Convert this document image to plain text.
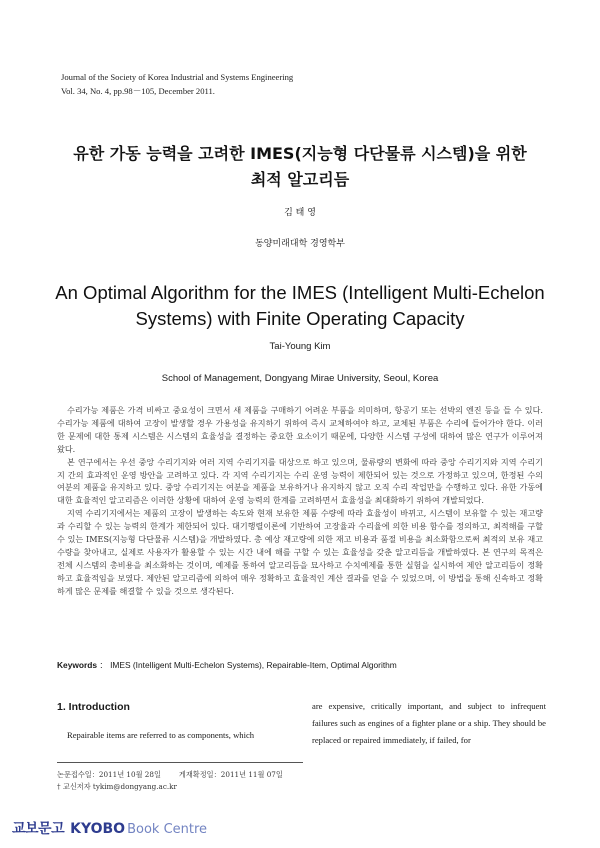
Journal of the Society of Korea Industrial and Systems Engineering
Vol. 34, No. 4, pp.98－105, December 2011.
유한 가동 능력을 고려한 IMES(지능형 다단물류 시스템)을 위한
최적 알고리듬
김 태 영
동양미래대학 경영학부
An Optimal Algorithm for the IMES (Intelligent Multi-Echelon
Systems) with Finite Operating Capacity
Tai-Young Kim
School of Management, Dongyang Mirae University, Seoul, Korea

수리가능 제품은 가격 비싸고 중요성이 크면서 새 제품을 구매하기 어려운 부품을 의미하며, 항공기 또는 선박의 엔진 등을 들 수 있다. 수리가능 제품에 대하여 고장이 발생할 경우 가용성을 유지하기 위하여 즉시 교체하여야 하고, 교체된 부품은 수리에 들어가야 한다. 이러한 문제에 대한 통제 시스템은 시스템의 효율성을 결정하는 중요한 요소이기 때문에, 다양한 시스템 구성에 대하여 많은 연구가 이루어져 왔다.

본 연구에서는 우선 중앙 수리기지와 여러 지역 수리기지를 대상으로 하고 있으며, 물류량의 변화에 따라 중앙 수리기지와 지역 수리기지 간의 효과적인 운영 방안을 고려하고 있다. 각 지역 수리기지는 수리 운영 능력이 제한되어 있는 것으로 가정하고 있으며, 한정된 수의 여분의 제품을 유지하고 있다. 중앙 수리기지는 여분을 제품을 보유하거나 유지하지 않고 오직 수리 작업만을 수행하고 있다. 유한 가동에 대한 효율적인 알고리즘은 이러한 상황에 대하여 운영 능력의 한계를 고려하면서 효율성을 최대화하기 위하여 개발되었다.

지역 수리기지에서는 제품의 고장이 발생하는 속도와 현재 보유한 제품 수량에 따라 효율성이 바뀌고, 시스템이 보유할 수 있는 재고량과 수리할 수 있는 능력의 한계가 제한되어 있다. 대기행렬이론에 기반하여 고장율과 수리율에 의한 비용 함수를 정의하고, 최적해를 구할 수 있는 IMES(지능형 다단물류 시스템)을 개발하였다. 총 예상 재고량에 의한 재고 비용과 품절 비용을 최소화함으로써 최적의 보유 재고수량을 찾아내고, 실제로 사용자가 활용할 수 있는 시간 내에 해를 구할 수 있는 효율성을 갖춘 알고리듬을 개발하였다. 본 연구의 목적은 전체 시스템의 총비용을 최소화하는 것이며, 예제를 통하여 알고리듬을 묘사하고 수치예제를 통한 실험을 실시하여 제안 알고리듬이 정확하고 효율적임을 보였다. 제안된 알고리즘에 의하여 매우 정확하고 효율적인 계산 결과를 얻을 수 있었으며, 이 방법을 통해 신속하고 정확하게 많은 문제를 해결할 수 있을 것으로 생각된다.

Keywords ： IMES (Intelligent Multi-Echelon Systems), Repairable-Item, Optimal Algorithm
1. Introduction

Repairable items are referred to as components, which

are expensive, critically important, and subject to infrequent failures such as engines of a fighter plane or a ship. They should be replaced or repaired immediately, if failed, for
논문접수일：2011년 10월 28일	게재확정일：2011년 11월 07일
† 교신저자 tykim@dongyang.ac.kr
교보문고 KYOBO Book Centre
